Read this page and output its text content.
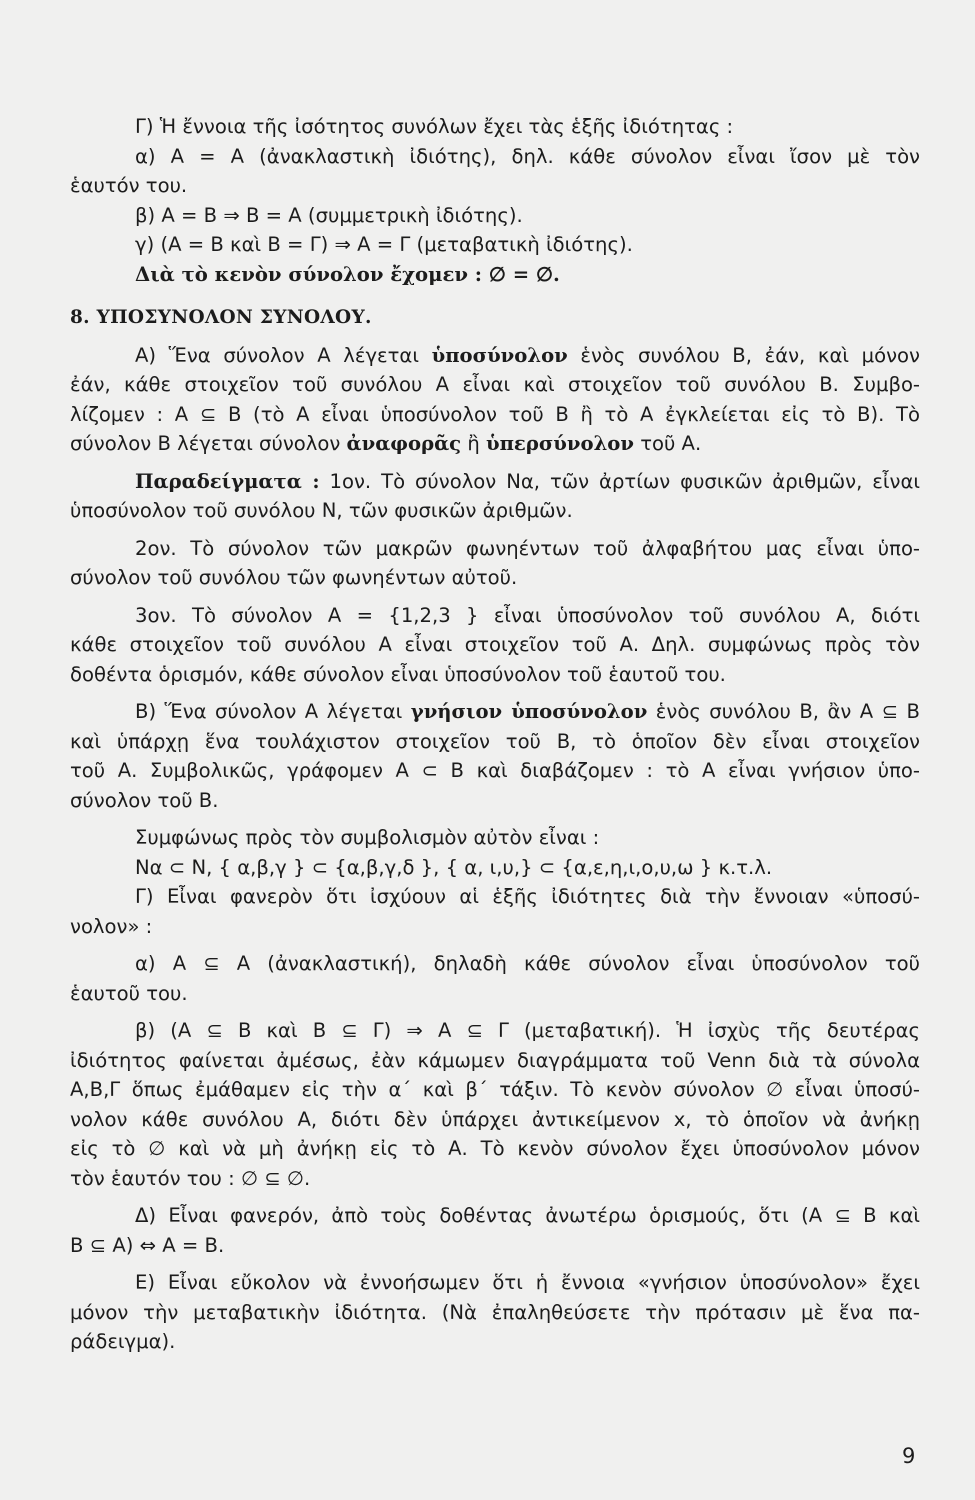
Γ) Ἡ ἔννοια τῆς ἰσότητος συνόλων ἔχει τὰς ἑξῆς ἰδιότητας :
α) Α = Α (ἀνακλαστικὴ ἰδιότης), δηλ. κάθε σύνολον εἶναι ἴσον μὲ τὸν
ἑαυτόν του.
β) Α = Β ⇒ Β = Α (συμμετρικὴ ἰδιότης).
γ) (Α = Β καὶ Β = Γ) ⇒ Α = Γ (μεταβατικὴ ἰδιότης).
Διὰ τὸ κενὸν σύνολον ἔχομεν : ∅ = ∅.
8. ΥΠΟΣΥΝΟΛΟΝ ΣΥΝΟΛΟΥ.
Α) Ἕνα σύνολον Α λέγεται ὑποσύνολον ἑνὸς συνόλου Β, ἐάν, καὶ μόνον
ἐάν, κάθε στοιχεῖον τοῦ συνόλου Α εἶναι καὶ στοιχεῖον τοῦ συνόλου Β. Συμβο-
λίζομεν : Α ⊆ Β (τὸ Α εἶναι ὑποσύνολον τοῦ Β ἢ τὸ Α ἐγκλείεται εἰς τὸ Β). Τὸ
σύνολον Β λέγεται σύνολον ἀναφορᾶς ἢ ὑπερσύνολον τοῦ Α.
Παραδείγματα : 1ον. Τὸ σύνολον Nα, τῶν ἀρτίων φυσικῶν ἀριθμῶν, εἶναι
ὑποσύνολον τοῦ συνόλου Ν, τῶν φυσικῶν ἀριθμῶν.
2ον. Τὸ σύνολον τῶν μακρῶν φωνηέντων τοῦ ἀλφαβήτου μας εἶναι ὑπο-
σύνολον τοῦ συνόλου τῶν φωνηέντων αὐτοῦ.
3ον. Τὸ σύνολον Α = {1,2,3 } εἶναι ὑποσύνολον τοῦ συνόλου Α, διότι
κάθε στοιχεῖον τοῦ συνόλου Α εἶναι στοιχεῖον τοῦ Α. Δηλ. συμφώνως πρὸς τὸν
δοθέντα ὁρισμόν, κάθε σύνολον εἶναι ὑποσύνολον τοῦ ἑαυτοῦ του.
Β) Ἕνα σύνολον Α λέγεται γνήσιον ὑποσύνολον ἑνὸς συνόλου Β, ἂν Α ⊆ Β
καὶ ὑπάρχῃ ἕνα τουλάχιστον στοιχεῖον τοῦ Β, τὸ ὁποῖον δὲν εἶναι στοιχεῖον
τοῦ Α. Συμβολικῶς, γράφομεν Α ⊂ Β καὶ διαβάζομεν : τὸ Α εἶναι γνήσιον ὑπο-
σύνολον τοῦ Β.
Συμφώνως πρὸς τὸν συμβολισμὸν αὐτὸν εἶναι :
Nα ⊂ Ν, { α,β,γ } ⊂ {α,β,γ,δ }, { α, ι,υ,} ⊂ {α,ε,η,ι,ο,υ,ω } κ.τ.λ.
Γ) Εἶναι φανερὸν ὅτι ἰσχύουν αἱ ἑξῆς ἰδιότητες διὰ τὴν ἔννοιαν «ὑποσύ-
νολον» :
α) Α ⊆ Α (ἀνακλαστική), δηλαδὴ κάθε σύνολον εἶναι ὑποσύνολον τοῦ
ἑαυτοῦ του.
β) (Α ⊆ Β καὶ Β ⊆ Γ) ⇒ Α ⊆ Γ (μεταβατική). Ἡ ἰσχὺς τῆς δευτέρας
ἰδιότητος φαίνεται ἀμέσως, ἐὰν κάμωμεν διαγράμματα τοῦ Venn διὰ τὰ σύνολα
Α,Β,Γ ὅπως ἐμάθαμεν εἰς τὴν α΄ καὶ β΄ τάξιν. Τὸ κενὸν σύνολον ∅ εἶναι ὑποσύ-
νολον κάθε συνόλου Α, διότι δὲν ὑπάρχει ἀντικείμενον x, τὸ ὁποῖον νὰ ἀνήκῃ
εἰς τὸ ∅ καὶ νὰ μὴ ἀνήκῃ εἰς τὸ Α. Τὸ κενὸν σύνολον ἔχει ὑποσύνολον μόνον
τὸν ἑαυτόν του : ∅ ⊆ ∅.
Δ) Εἶναι φανερόν, ἀπὸ τοὺς δοθέντας ἀνωτέρω ὁρισμούς, ὅτι (Α ⊆ Β καὶ
Β ⊆ Α) ⇔ Α = Β.
Ε) Εἶναι εὔκολον νὰ ἐννοήσωμεν ὅτι ἡ ἔννοια «γνήσιον ὑποσύνολον» ἔχει
μόνον τὴν μεταβατικὴν ἰδιότητα. (Νὰ ἐπαληθεύσετε τὴν πρότασιν μὲ ἕνα πα-
ράδειγμα).
9
